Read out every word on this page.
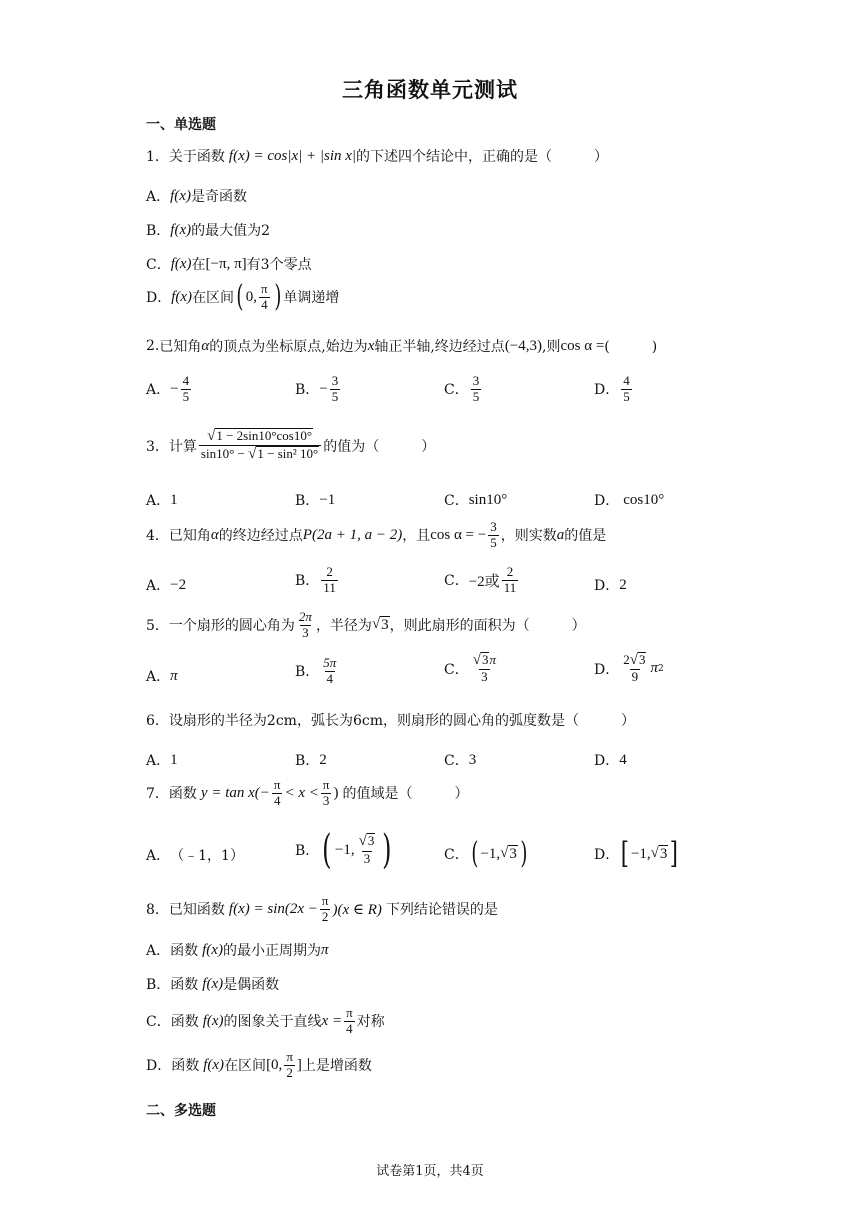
三角函数单元测试
一、单选题
1． 关于函数 f(x) = cos|x| + |sin x| 的下述四个结论中，正确的是（　　　）
A． f(x) 是奇函数
B． f(x) 的最大值为2
C． f(x) 在 [−π, π] 有3个零点
D． f(x) 在区间 ( 0, $\frac{\pi}{4}$ ) 单调递增
2. 已知角 α 的顶点为坐标原点,始边为 x 轴正半轴,终边经过点 (−4,3) ,则 cos α = (　　　)
A． − $\frac{4}{5}$	B． − $\frac{3}{5}$	C． $\frac{3}{5}$	D． $\frac{4}{5}$
3． 计算 $\frac{√ 1 - 2\sin 10^\circ\cos 10^\circ}{\text{sin10° − √ 1 − sin² 10°}}$ 的值为（　　　）
A． 1	B． −1	C． sin10°	D． cos10°
4． 已知角 α 的终边经过点 P(2a + 1, a − 2) ，且 cos α = − $\frac{3}{5}$ ，则实数 a 的值是
A． −2	B． $\frac{2}{11}$	C． −2或 $\frac{2}{11}$	D． 2
5． 一个扇形的圆心角为 $\frac{2\pi}{3}$ ，半径为 √ 3 ，则此扇形的面积为（　　　）
A． π	B． $\frac{5\pi}{4}$	C． $\frac{√ 3 \pi}{3}$	D． $\frac{2 √ 3}{9}$ π 2
6． 设扇形的半径为2cm，弧长为6cm，则扇形的圆心角的弧度数是（　　　）
A． 1	B． 2	C． 3	D． 4
7． 函数 $y = \tan x(- \frac{\pi}{4} < x < \frac{\pi}{3}$ ) 的值域是（　　　）
A． （﹣1，1）	B． ( −1, $\frac{√ 3}{3}$ )	C． ( −1, √ 3 )	D． [ −1, √ 3 ]
8． 已知函数 $f(x) = \sin(2x - \frac{\pi}{2} )(x$ ∈ R) 下列结论错误的是
A． 函数 f(x) 的最小正周期为 π
B． 函数 f(x) 是偶函数
C． 函数 f(x) 的图象关于直线 $x = \frac{\pi}{4}$ 对称
D． 函数 f(x) 在区间 [0, $\frac{\pi}{2}$ ] 上是增函数
二、多选题
试卷第1页，共4页
